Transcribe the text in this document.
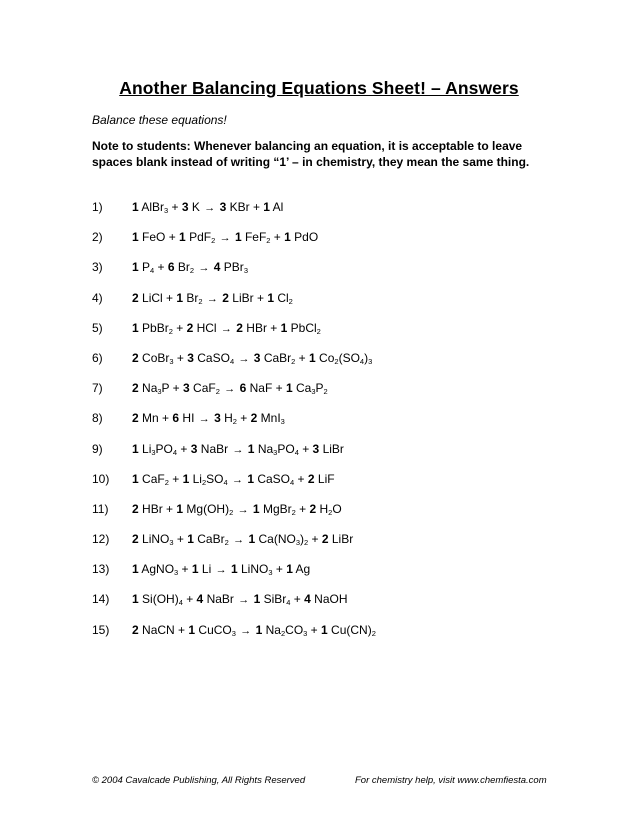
Another Balancing Equations Sheet! – Answers
Balance these equations!
Note to students: Whenever balancing an equation, it is acceptable to leave spaces blank instead of writing “1’ – in chemistry, they mean the same thing.
1) 1 AlBr$_3$ + 3 K → 3 KBr + 1 Al
2) 1 FeO + 1 PdF$_2$ → 1 FeF$_2$ + 1 PdO
3) 1 $P_4 + 6$ $Br_2 \to 4$ PBr$_3$
4) 2 LiCl + 1 $Br_2 \to 2$ LiBr + 1 $Cl_2$
5) 1 PbBr$_2$ + 2 HCl → 2 HBr + 1 PbCl$_2$
6) 2 CoBr$_3$ + 3 CaSO$_4$ → 3 CaBr$_2$ + 1 $Co_2(SO_4)_3$
7) 2 $Na_3P + 3$ CaF$_2$ → 6 NaF + 1 $Ca_3P_2$
8) 2 Mn + 6 HI → 3 $H_2 + 2$ MnI$_3$
9) 1 $Li_3PO_4 + 3$ NaBr → 1 $Na_3PO_4 + 3$ LiBr
10) 1 CaF$_2$ + 1 $Li_2SO_4 \to 1$ CaSO$_4$ + 2 LiF
11) 2 HBr + 1 $Mg(OH)_2 \to 1$ MgBr$_2$ + 2 $H_2O$
12) 2 LiNO$_3$ + 1 CaBr$_2$ → 1 $Ca(NO_3)_2 + 2$ LiBr
13) 1 AgNO$_3$ + 1 Li → 1 LiNO$_3$ + 1 Ag
14) 1 $Si(OH)_4 + 4$ NaBr → 1 SiBr$_4$ + 4 NaOH
15) 2 NaCN + 1 CuCO$_3$ → 1 $Na_2CO_3 + 1$ $Cu(CN)_2$
© 2004 Cavalcade Publishing, All Rights Reserved	For chemistry help, visit www.chemfiesta.com
